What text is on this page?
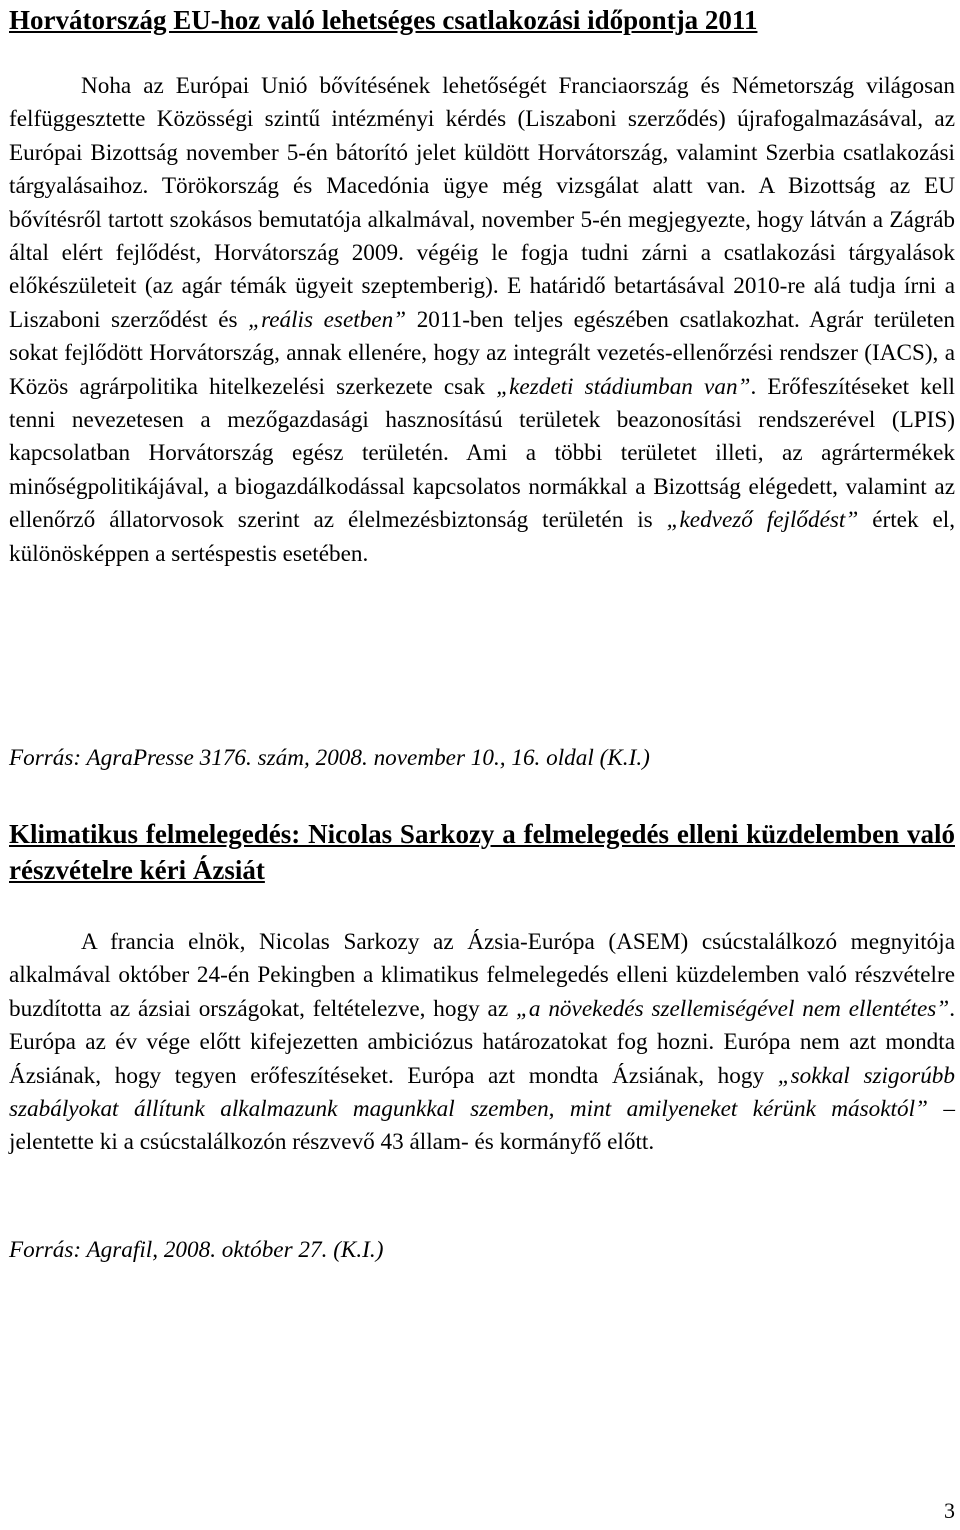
Horvátország EU-hoz való lehetséges csatlakozási időpontja 2011

Noha az Európai Unió bővítésének lehetőségét Franciaország és Németország világosan felfüggesztette Közösségi szintű intézményi kérdés (Liszaboni szerződés) újrafogalmazásával, az Európai Bizottság november 5-én bátorító jelet küldött Horvátország, valamint Szerbia csatlakozási tárgyalásaihoz. Törökország és Macedónia ügye még vizsgálat alatt van. A Bizottság az EU bővítésről tartott szokásos bemutatója alkalmával, november 5-én megjegyezte, hogy látván a Zágráb által elért fejlődést, Horvátország 2009. végéig le fogja tudni zárni a csatlakozási tárgyalások előkészületeit (az agár témák ügyeit szeptemberig). E határidő betartásával 2010-re alá tudja írni a Liszaboni szerződést és „reális esetben” 2011-ben teljes egészében csatlakozhat. Agrár területen sokat fejlődött Horvátország, annak ellenére, hogy az integrált vezetés-ellenőrzési rendszer (IACS), a Közös agrárpolitika hitelkezelési szerkezete csak „kezdeti stádiumban van”. Erőfeszítéseket kell tenni nevezetesen a mezőgazdasági hasznosítású területek beazonosítási rendszerével (LPIS) kapcsolatban Horvátország egész területén. Ami a többi területet illeti, az agrártermékek minőségpolitikájával, a biogazdálkodással kapcsolatos normákkal a Bizottság elégedett, valamint az ellenőrző állatorvosok szerint az élelmezésbiztonság területén is „kedvező fejlődést” értek el, különösképpen a sertéspestis esetében.

Forrás: AgraPresse 3176. szám, 2008. november 10., 16. oldal (K.I.)

Klimatikus felmelegedés: Nicolas Sarkozy a felmelegedés elleni küzdelemben való részvételre kéri Ázsiát

A francia elnök, Nicolas Sarkozy az Ázsia-Európa (ASEM) csúcstalálkozó megnyitója alkalmával október 24-én Pekingben a klimatikus felmelegedés elleni küzdelemben való részvételre buzdította az ázsiai országokat, feltételezve, hogy az „a növekedés szellemiségével nem ellentétes”. Európa az év vége előtt kifejezetten ambiciózus határozatokat fog hozni. Európa nem azt mondta Ázsiának, hogy tegyen erőfeszítéseket. Európa azt mondta Ázsiának, hogy „sokkal szigorúbb szabályokat állítunk alkalmazunk magunkkal szemben, mint amilyeneket kérünk másoktól” – jelentette ki a csúcstalálkozón részvevő 43 állam- és kormányfő előtt.

Forrás: Agrafil, 2008. október 27. (K.I.)

3
